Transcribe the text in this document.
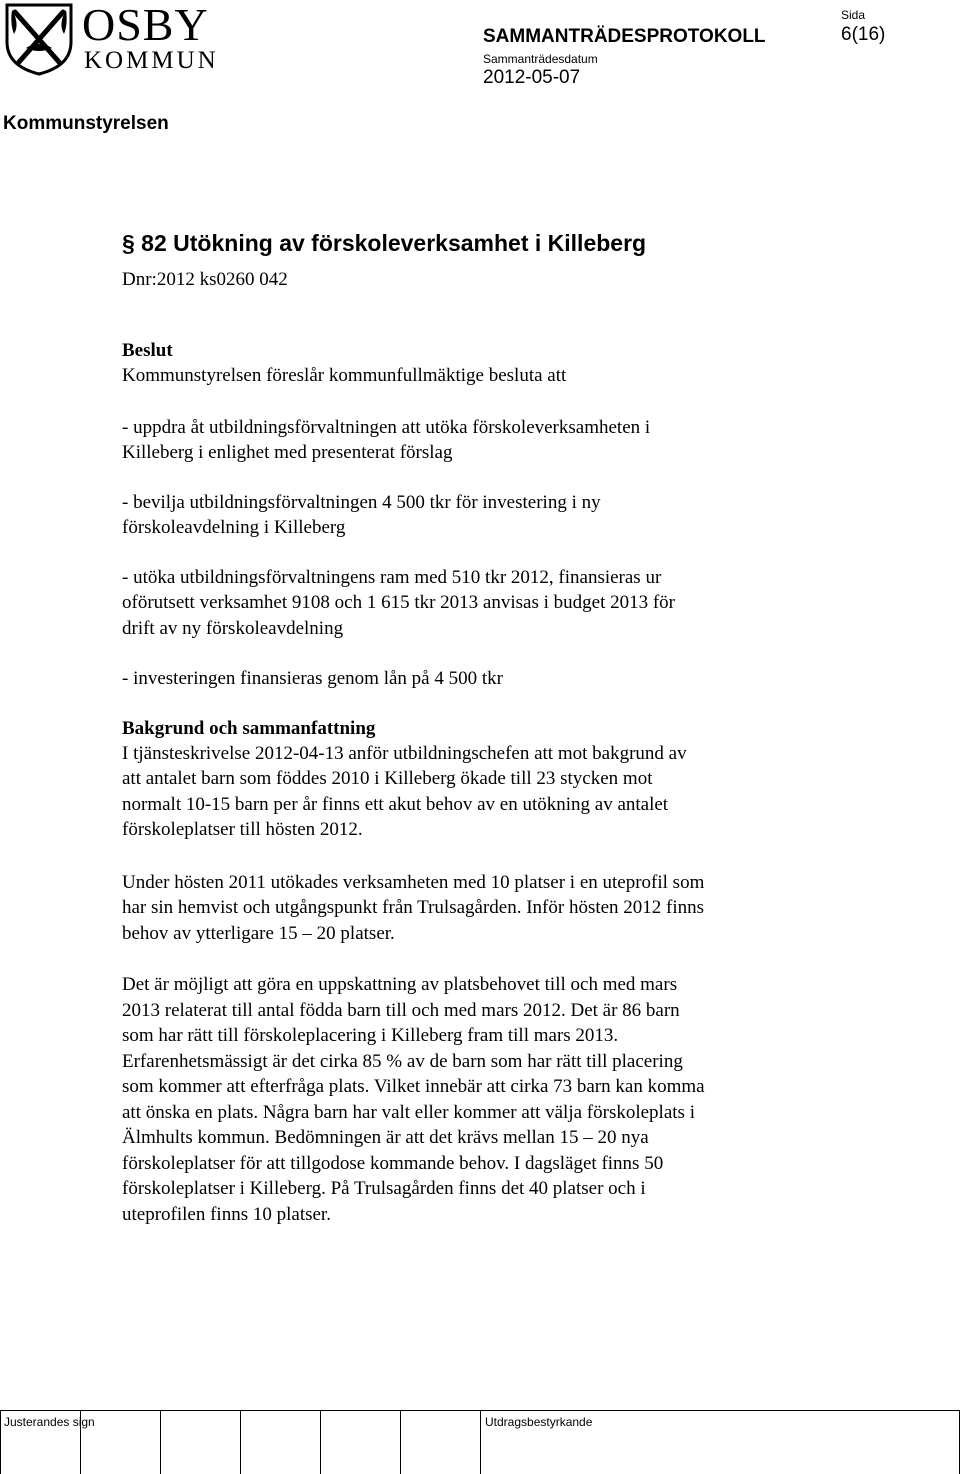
OSBY
KOMMUN
SAMMANTRÄDESPROTOKOLL
Sammanträdesdatum
2012-05-07
Sida
6(16)
Kommunstyrelsen
§ 82 Utökning av förskoleverksamhet i Killeberg

Dnr:2012 ks0260 042

Beslut

Kommunstyrelsen föreslår kommunfullmäktige besluta att

- uppdra åt utbildningsförvaltningen att utöka förskoleverksamheten i
Killeberg i enlighet med presenterat förslag

- bevilja utbildningsförvaltningen 4 500 tkr för investering i ny
förskoleavdelning i Killeberg

- utöka utbildningsförvaltningens ram med 510 tkr 2012, finansieras ur
oförutsett verksamhet 9108 och 1 615 tkr 2013 anvisas i budget 2013 för
drift av ny förskoleavdelning

- investeringen finansieras genom lån på 4 500 tkr

Bakgrund och sammanfattning

I tjänsteskrivelse 2012-04-13 anför utbildningschefen att mot bakgrund av
att antalet barn som föddes 2010 i Killeberg ökade till 23 stycken mot
normalt 10-15 barn per år finns ett akut behov av en utökning av antalet
förskoleplatser till hösten 2012.

Under hösten 2011 utökades verksamheten med 10 platser i en uteprofil som
har sin hemvist och utgångspunkt från Trulsagården. Inför hösten 2012 finns
behov av ytterligare 15 – 20 platser.

Det är möjligt att göra en uppskattning av platsbehovet till och med mars
2013 relaterat till antal födda barn till och med mars 2012. Det är 86 barn
som har rätt till förskoleplacering i Killeberg fram till mars 2013.
Erfarenhetsmässigt är det cirka 85 % av de barn som har rätt till placering
som kommer att efterfråga plats. Vilket innebär att cirka 73 barn kan komma
att önska en plats. Några barn har valt eller kommer att välja förskoleplats i
Älmhults kommun. Bedömningen är att det krävs mellan 15 – 20 nya
förskoleplatser för att tillgodose kommande behov. I dagsläget finns 50
förskoleplatser i Killeberg. På Trulsagården finns det 40 platser och i
uteprofilen finns 10 platser.

Justerandes sign	Utdragsbestyrkande
